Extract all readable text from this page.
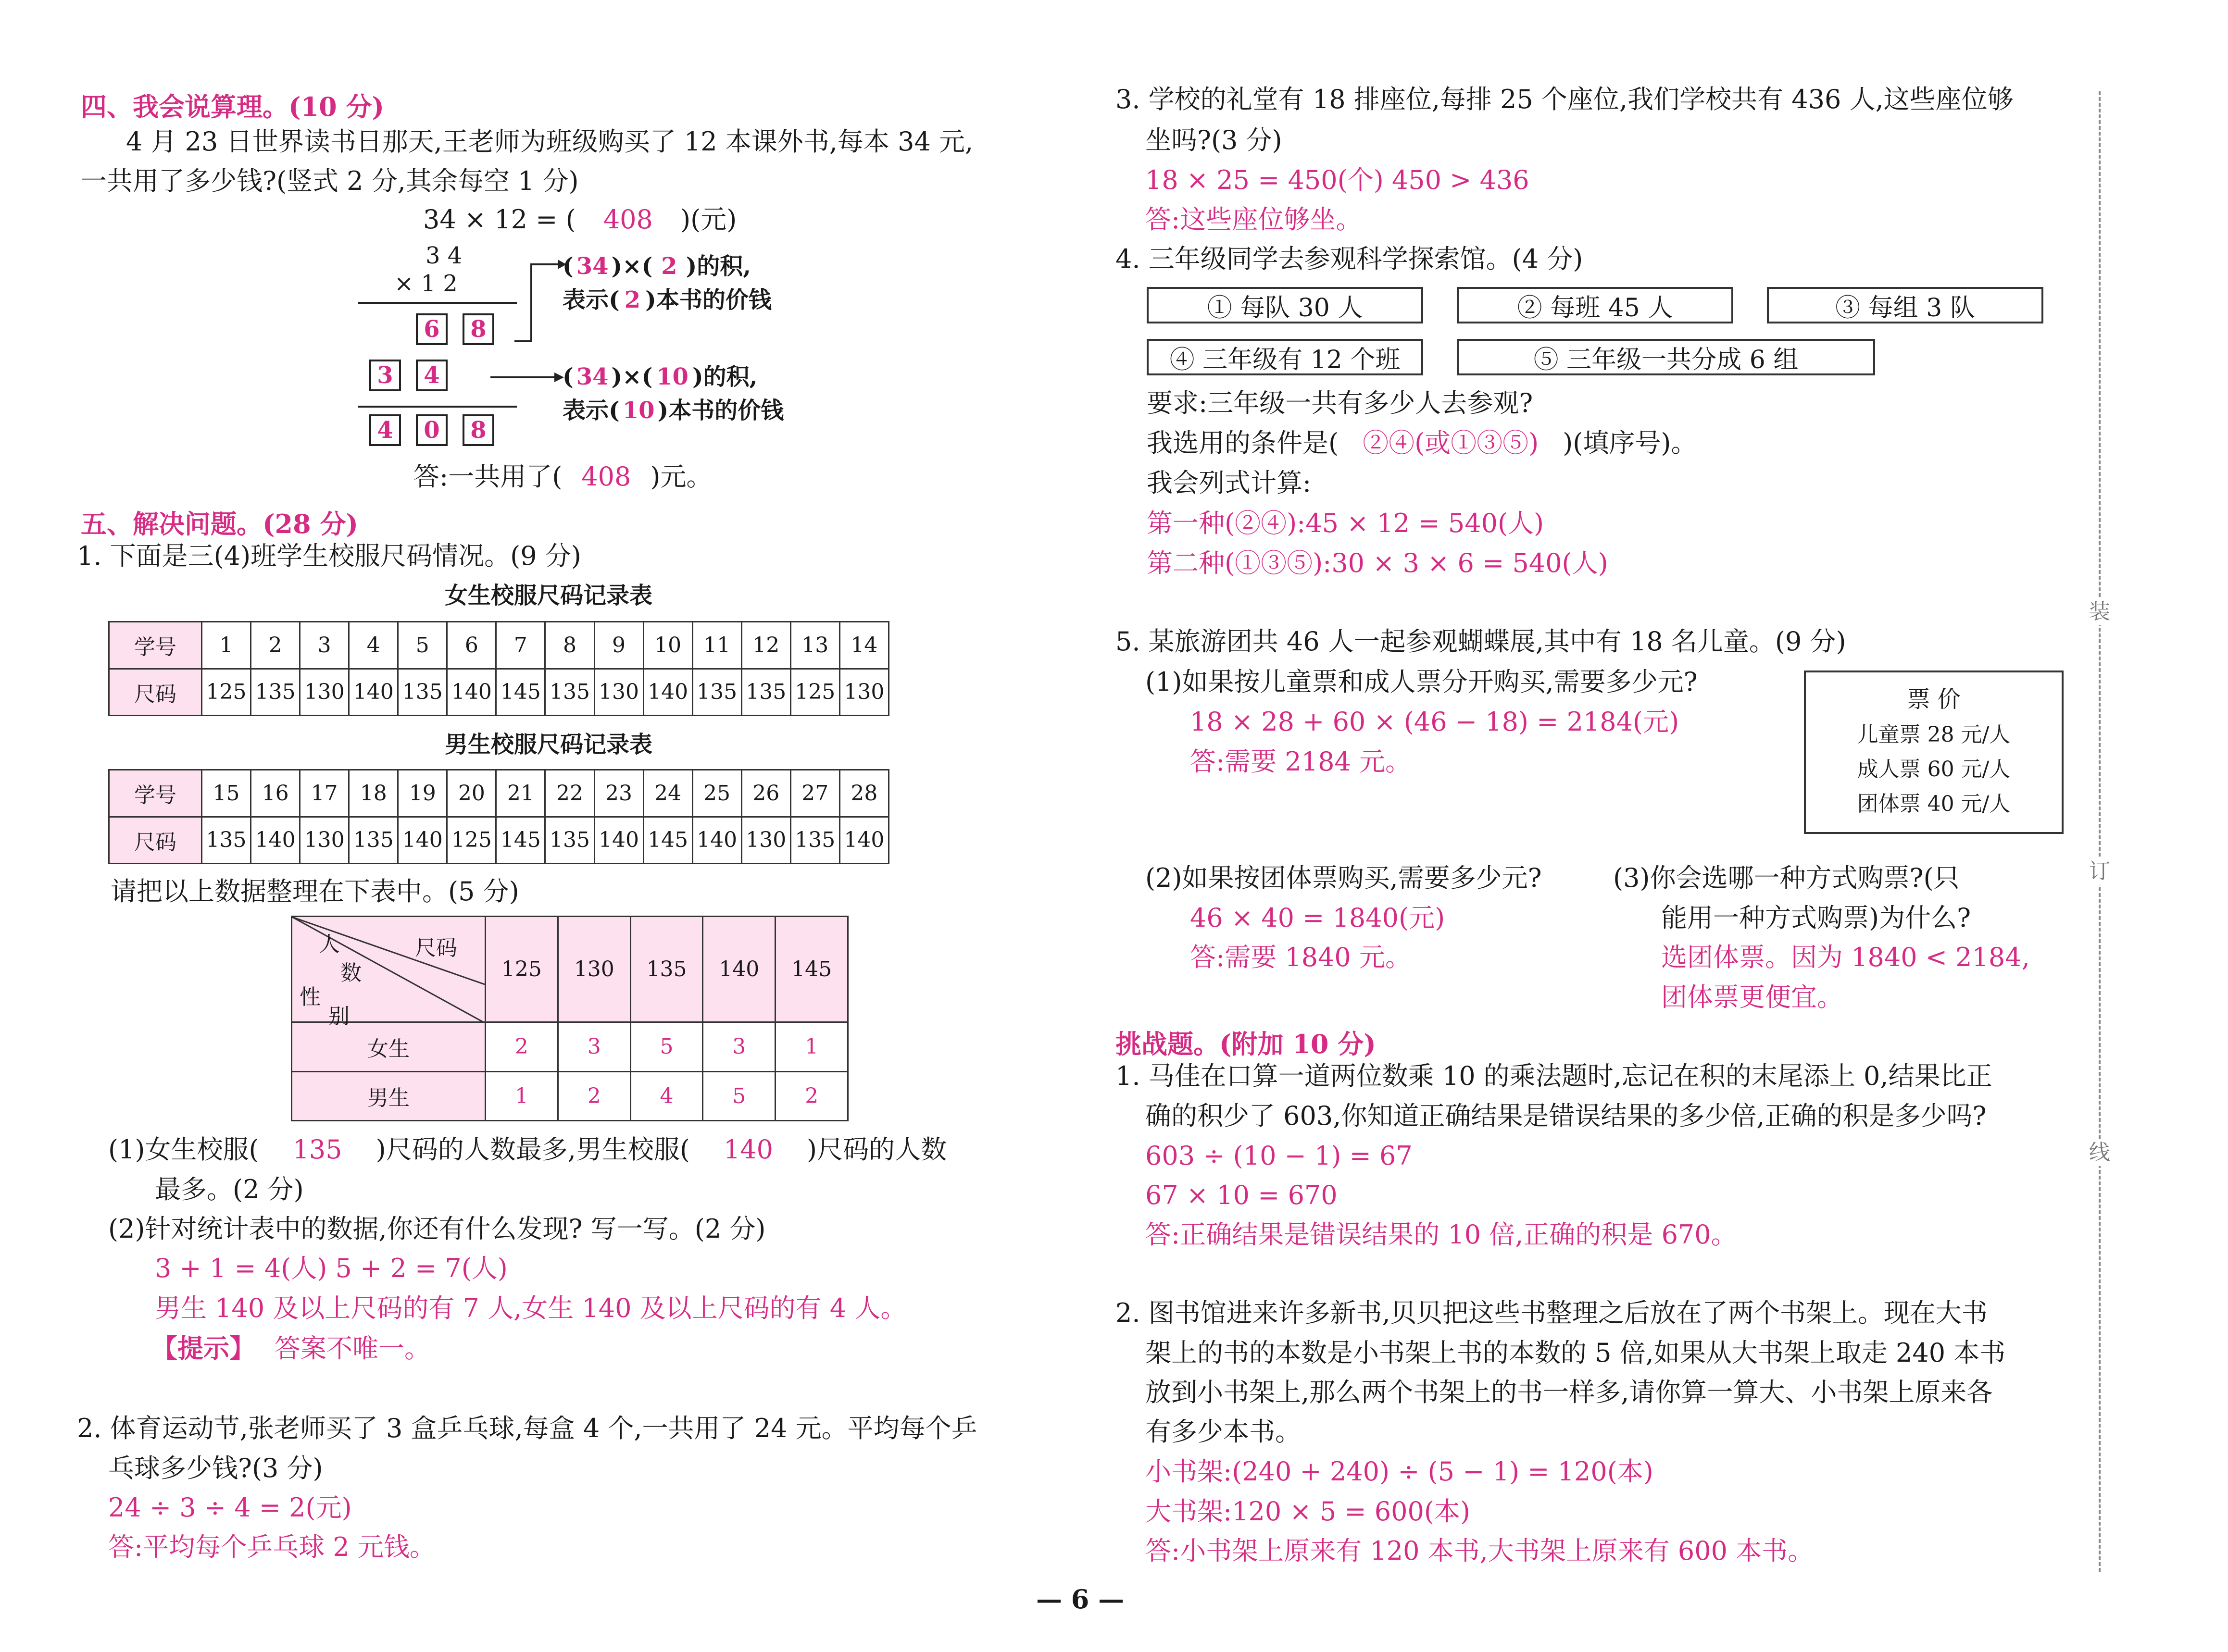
四、我会说算理。(10 分)
4 月 23 日世界读书日那天,王老师为班级购买了 12 本课外书,每本 34 元,
一共用了多少钱?(竖式 2 分,其余每空 1 分)
34 × 12 = ( 408 )(元)
3 4
× 1 2
6	8
3	4
4	0	8
( 34 )×( 2 )的积,
表示( 2 )本书的价钱
( 34 )×( 10 )的积,
表示( 10 )本书的价钱
答:一共用了( 408 )元。
五、解决问题。(28 分)
1. 下面是三(4)班学生校服尺码情况。(9 分)
女生校服尺码记录表
学号	1	2	3	4	5	6	7	8	9	10	11	12	13	14
尺码	125	135	130	140	135	140	145	135	130	140	135	135	125	130
男生校服尺码记录表
学号	15	16	17	18	19	20	21	22	23	24	25	26	27	28
尺码	135	140	130	135	140	125	145	135	140	145	140	130	135	140
请把以上数据整理在下表中。(5 分)
人
数
尺码
性
别	125	130	135	140	145
女生	2	3	5	3	1
男生	1	2	4	5	2
(1)女生校服( 135 )尺码的人数最多,男生校服( 140 )尺码的人数
最多。(2 分)
(2)针对统计表中的数据,你还有什么发现? 写一写。(2 分)
3 + 1 = 4(人) 5 + 2 = 7(人)
男生 140 及以上尺码的有 7 人,女生 140 及以上尺码的有 4 人。
【提示】 答案不唯一。
2. 体育运动节,张老师买了 3 盒乒乓球,每盒 4 个,一共用了 24 元。平均每个乒
乓球多少钱?(3 分)
24 ÷ 3 ÷ 4 = 2(元)
答:平均每个乒乓球 2 元钱。
3. 学校的礼堂有 18 排座位,每排 25 个座位,我们学校共有 436 人,这些座位够
坐吗?(3 分)
18 × 25 = 450(个) 450 > 436
答:这些座位够坐。
4. 三年级同学去参观科学探索馆。(4 分)
① 每队 30 人	② 每班 45 人	③ 每组 3 队
④ 三年级有 12 个班	⑤ 三年级一共分成 6 组
要求:三年级一共有多少人去参观?
我选用的条件是( ②④(或①③⑤) )(填序号)。
我会列式计算:
第一种(②④):45 × 12 = 540(人)
第二种(①③⑤):30 × 3 × 6 = 540(人)
5. 某旅游团共 46 人一起参观蝴蝶展,其中有 18 名儿童。(9 分)
(1)如果按儿童票和成人票分开购买,需要多少元?
18 × 28 + 60 × (46 − 18) = 2184(元)
答:需要 2184 元。
票 价
儿童票 28 元/人
成人票 60 元/人
团体票 40 元/人
(2)如果按团体票购买,需要多少元?
46 × 40 = 1840(元)
答:需要 1840 元。
(3)你会选哪一种方式购票?(只
能用一种方式购票)为什么?
选团体票。因为 1840 < 2184,
团体票更便宜。
挑战题。(附加 10 分)
1. 马佳在口算一道两位数乘 10 的乘法题时,忘记在积的末尾添上 0,结果比正
确的积少了 603,你知道正确结果是错误结果的多少倍,正确的积是多少吗?
603 ÷ (10 − 1) = 67
67 × 10 = 670
答:正确结果是错误结果的 10 倍,正确的积是 670。
2. 图书馆进来许多新书,贝贝把这些书整理之后放在了两个书架上。现在大书
架上的书的本数是小书架上书的本数的 5 倍,如果从大书架上取走 240 本书
放到小书架上,那么两个书架上的书一样多,请你算一算大、小书架上原来各
有多少本书。
小书架:(240 + 240) ÷ (5 − 1) = 120(本)
大书架:120 × 5 = 600(本)
答:小书架上原来有 120 本书,大书架上原来有 600 本书。
装
订
线
— 6 —
